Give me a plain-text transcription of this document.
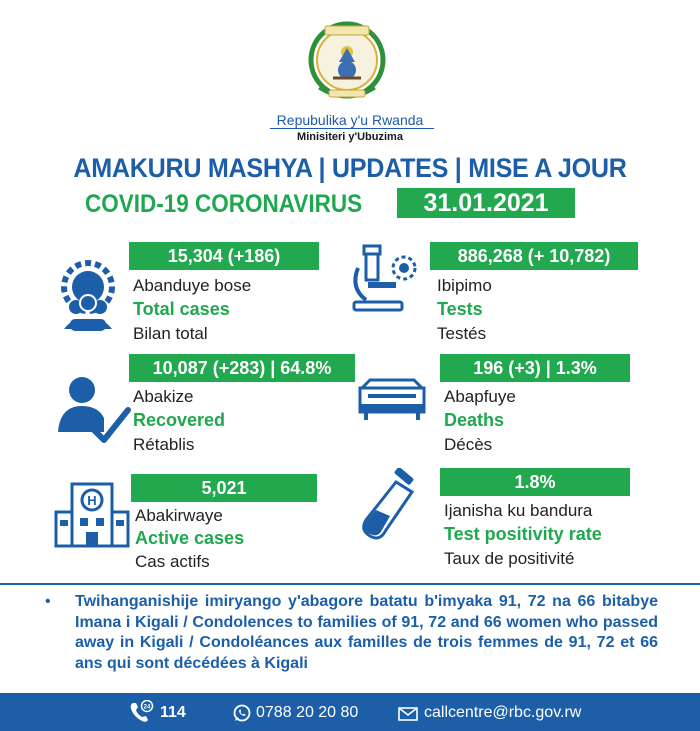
Repubulika y'u Rwanda
Minisiteri y'Ubuzima
AMAKURU MASHYA | UPDATES | MISE A JOUR
COVID-19 CORONAVIRUS	31.01.2021
15,304 (+186)
Abanduye bose
Total cases
Bilan total
886,268 (+ 10,782)
Ibipimo
Tests
Testés
10,087 (+283) | 64.8%
Abakize
Recovered
Rétablis
196 (+3) | 1.3%
Abapfuye
Deaths
Décès
H
5,021
Abakirwaye
Active cases
Cas actifs
1.8%
Ijanisha ku bandura
Test positivity rate
Taux de positivité
• Twihanganishije imiryango y'abagore batatu b'imyaka 91, 72 na 66 bitabye Imana i Kigali / Condolences to families of 91, 72 and 66 women who passed away in Kigali / Condoléances aux familles de trois femmes de 91, 72 et 66 ans qui sont décédées à Kigali
24 114	0788 20 20 80	callcentre@rbc.gov.rw
